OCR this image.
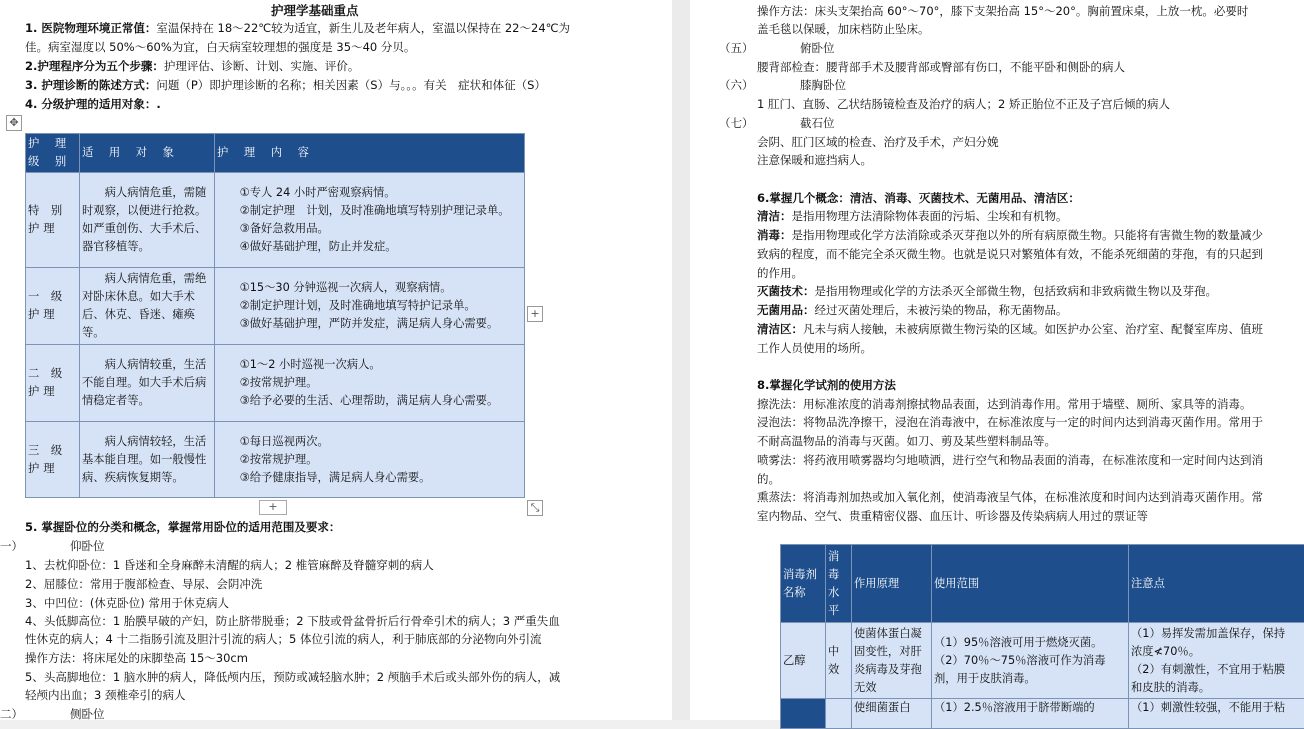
护理学基础重点
1. 医院物理环境正常值：室温保持在 18～22℃较为适宜，新生儿及老年病人，室温以保持在 22～24℃为
佳。病室湿度以 50%～60%为宜，白天病室较理想的强度是 35～40 分贝。
2.护理程序分为五个步骤：护理评估、诊断、计划、实施、评价。
3. 护理诊断的陈述方式：问题（P）即护理诊断的名称；相关因素（S）与。。。有关　症状和体征（S）
4. 分级护理的适用对象：.
✥
护 理 级 别	适 用 对 象	护 理 内 容
特 别 护理	　　病人病情危重，需随时观察，以便进行抢救。如严重创伤、大手术后、器官移植等。	　　①专人 24 小时严密观察病情。
　　②制定护理　计划，及时准确地填写特别护理记录单。
　　③备好急救用品。
　　④做好基础护理，防止并发症。
一 级 护理	　　病人病情危重，需绝对卧床休息。如大手术后、休克、昏迷、瘫痪等。	　　①15～30 分钟巡视一次病人，观察病情。
　　②制定护理计划，及时准确地填写特护记录单。
　　③做好基础护理，严防并发症，满足病人身心需要。
二 级 护理	　　病人病情较重，生活不能自理。如大手术后病情稳定者等。	　　①1～2 小时巡视一次病人。
　　②按常规护理。
　　③给予必要的生活、心理帮助，满足病人身心需要。
三 级 护理	　　病人病情较轻，生活基本能自理。如一般慢性病、疾病恢复期等。	　　①每日巡视两次。
　　②按常规护理。
　　③给予健康指导，满足病人身心需要。
+
+	⤡
5. 掌握卧位的分类和概念，掌握常用卧位的适用范围及要求：
一）	仰卧位
1、去枕仰卧位：1 昏迷和全身麻醉未清醒的病人；2 椎管麻醉及脊髓穿刺的病人
2、屈膝位：常用于腹部检查、导尿、会阴冲洗
3、中凹位：(休克卧位) 常用于休克病人
4、头低脚高位：1 胎膜早破的产妇，防止脐带脱垂；2 下肢或骨盆骨折后行骨牵引术的病人；3 严重失血
性休克的病人；4 十二指肠引流及胆汁引流的病人；5 体位引流的病人，利于肺底部的分泌物向外引流
操作方法：将床尾处的床脚垫高 15～30cm
5、头高脚地位：1 脑水肿的病人，降低颅内压，预防或减轻脑水肿；2 颅脑手术后或头部外伤的病人，减
轻颅内出血；3 颈椎牵引的病人
二）	侧卧位
操作方法：床头支架抬高 60°～70°，膝下支架抬高 15°～20°。胸前置床桌，上放一枕。必要时
盖毛毯以保暖，加床档防止坠床。
（五）	俯卧位
腰背部检查：腰背部手术及腰背部或臀部有伤口，不能平卧和侧卧的病人
（六）	膝胸卧位
1 肛门、直肠、乙状结肠镜检查及治疗的病人；2 矫正胎位不正及子宫后倾的病人
（七）	截石位
会阴、肛门区域的检查、治疗及手术，产妇分娩
注意保暖和遮挡病人。
6.掌握几个概念：清洁、消毒、灭菌技术、无菌用品、清洁区：
清洁：是指用物理方法清除物体表面的污垢、尘埃和有机物。
消毒：是指用物理或化学方法消除或杀灭芽孢以外的所有病原微生物。只能将有害微生物的数量减少
致病的程度，而不能完全杀灭微生物。也就是说只对繁殖体有效，不能杀死细菌的芽孢，有的只起到
的作用。
灭菌技术：是指用物理或化学的方法杀灭全部微生物，包括致病和非致病微生物以及芽孢。
无菌用品：经过灭菌处理后，未被污染的物品，称无菌物品。
清洁区：凡未与病人接触，未被病原微生物污染的区域。如医护办公室、治疗室、配餐室库房、值班
工作人员使用的场所。
8.掌握化学试剂的使用方法
擦洗法：用标准浓度的消毒剂擦拭物品表面，达到消毒作用。常用于墙壁、厕所、家具等的消毒。
浸泡法：将物品洗净擦干，浸泡在消毒液中，在标准浓度与一定的时间内达到消毒灭菌作用。常用于
不耐高温物品的消毒与灭菌。如刀、剪及某些塑料制品等。
喷雾法：将药液用喷雾器均匀地喷洒，进行空气和物品表面的消毒，在标准浓度和一定时间内达到消
的。
熏蒸法：将消毒剂加热或加入氧化剂，使消毒液呈气体，在标准浓度和时间内达到消毒灭菌作用。常
室内物品、空气、贵重精密仪器、血压计、听诊器及传染病病人用过的票证等
消毒剂名称	消毒水平	作用原理	使用范围	注意点
乙醇	中效	使菌体蛋白凝固变性，对肝炎病毒及芽孢无效	（1）95％溶液可用于燃烧灭菌。
（2）70％～75％溶液可作为消毒剂，用于皮肤消毒。	（1）易挥发需加盖保存，保持
浓度≮70％。
（2）有刺激性，不宜用于粘膜
和皮肤的消毒。
		使细菌蛋白	（1）2.5％溶液用于脐带断端的	（1）刺激性较强，不能用于粘
